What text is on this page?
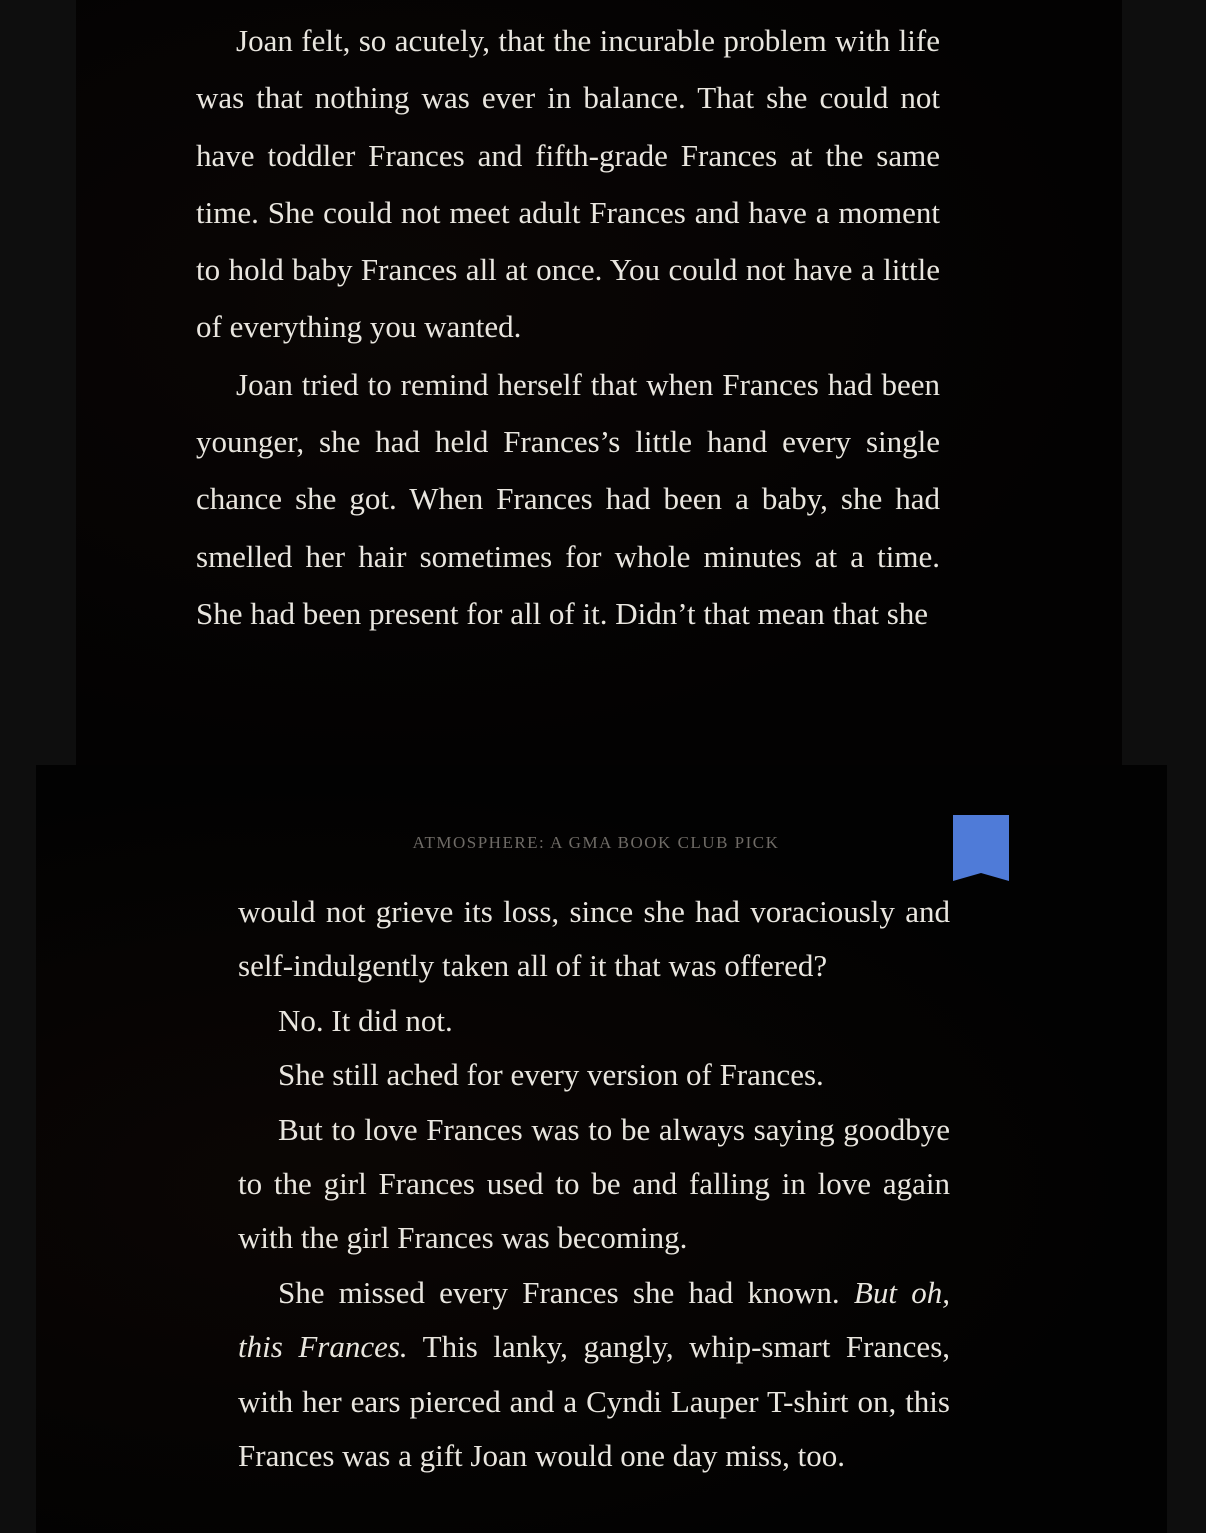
Joan felt, so acutely, that the incurable problem with life was that nothing was ever in balance. That she could not have toddler Frances and fifth-grade Frances at the same time. She could not meet adult Frances and have a moment to hold baby Frances all at once. You could not have a little of everything you wanted.

Joan tried to remind herself that when Frances had been younger, she had held Frances’s little hand every single chance she got. When Frances had been a baby, she had smelled her hair sometimes for whole minutes at a time. She had been present for all of it. Didn’t that mean that she

ATMOSPHERE: A GMA BOOK CLUB PICK

would not grieve its loss, since she had voraciously and self-indulgently taken all of it that was offered?

No. It did not.

She still ached for every version of Frances.

But to love Frances was to be always saying goodbye to the girl Frances used to be and falling in love again with the girl Frances was becoming.

She missed every Frances she had known. But oh, this Frances. This lanky, gangly, whip-smart Frances, with her ears pierced and a Cyndi Lauper T-shirt on, this Frances was a gift Joan would one day miss, too.
